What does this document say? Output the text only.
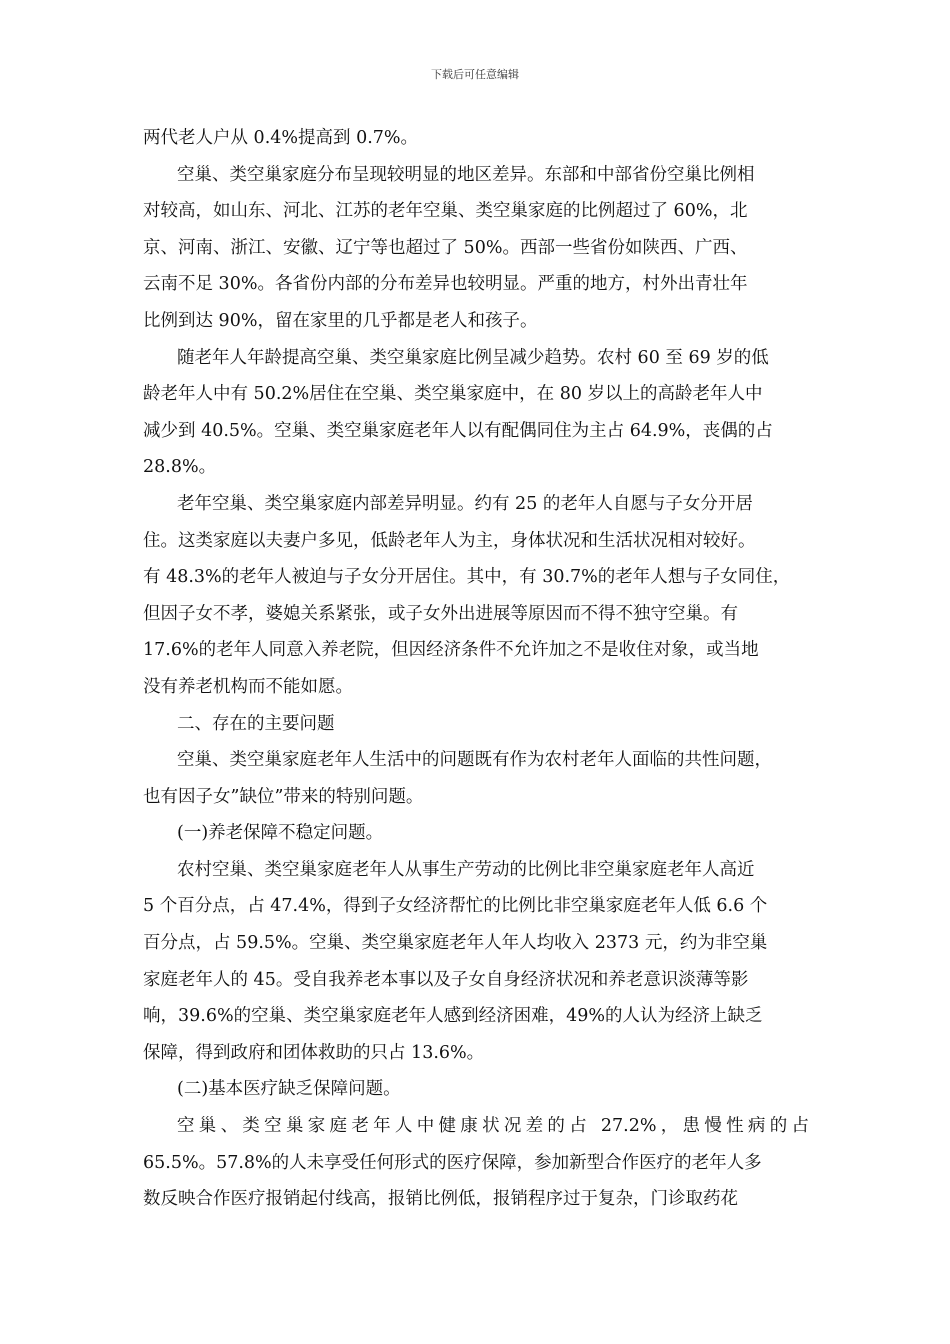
下载后可任意编辑
两代老人户从 0.4%提高到 0.7%。
空巢、类空巢家庭分布呈现较明显的地区差异。东部和中部省份空巢比例相
对较高，如山东、河北、江苏的老年空巢、类空巢家庭的比例超过了 60%，北
京、河南、浙江、安徽、辽宁等也超过了 50%。西部一些省份如陕西、广西、
云南不足 30%。各省份内部的分布差异也较明显。严重的地方，村外出青壮年
比例到达 90%，留在家里的几乎都是老人和孩子。
随老年人年龄提高空巢、类空巢家庭比例呈减少趋势。农村 60 至 69 岁的低
龄老年人中有 50.2%居住在空巢、类空巢家庭中，在 80 岁以上的高龄老年人中
减少到 40.5%。空巢、类空巢家庭老年人以有配偶同住为主占 64.9%，丧偶的占
28.8%。
老年空巢、类空巢家庭内部差异明显。约有 25 的老年人自愿与子女分开居
住。这类家庭以夫妻户多见，低龄老年人为主，身体状况和生活状况相对较好。
有 48.3%的老年人被迫与子女分开居住。其中，有 30.7%的老年人想与子女同住，
但因子女不孝，婆媳关系紧张，或子女外出进展等原因而不得不独守空巢。有
17.6%的老年人同意入养老院，但因经济条件不允许加之不是收住对象，或当地
没有养老机构而不能如愿。
二、存在的主要问题
空巢、类空巢家庭老年人生活中的问题既有作为农村老年人面临的共性问题，
也有因子女”缺位”带来的特别问题。
(一)养老保障不稳定问题。
农村空巢、类空巢家庭老年人从事生产劳动的比例比非空巢家庭老年人高近
5 个百分点，占 47.4%，得到子女经济帮忙的比例比非空巢家庭老年人低 6.6 个
百分点，占 59.5%。空巢、类空巢家庭老年人年人均收入 2373 元，约为非空巢
家庭老年人的 45。受自我养老本事以及子女自身经济状况和养老意识淡薄等影
响，39.6%的空巢、类空巢家庭老年人感到经济困难，49%的人认为经济上缺乏
保障，得到政府和团体救助的只占 13.6%。
(二)基本医疗缺乏保障问题。
空巢、类空巢家庭老年人中健康状况差的占 27.2%，患慢性病的占
65.5%。57.8%的人未享受任何形式的医疗保障，参加新型合作医疗的老年人多
数反映合作医疗报销起付线高，报销比例低，报销程序过于复杂，门诊取药花
